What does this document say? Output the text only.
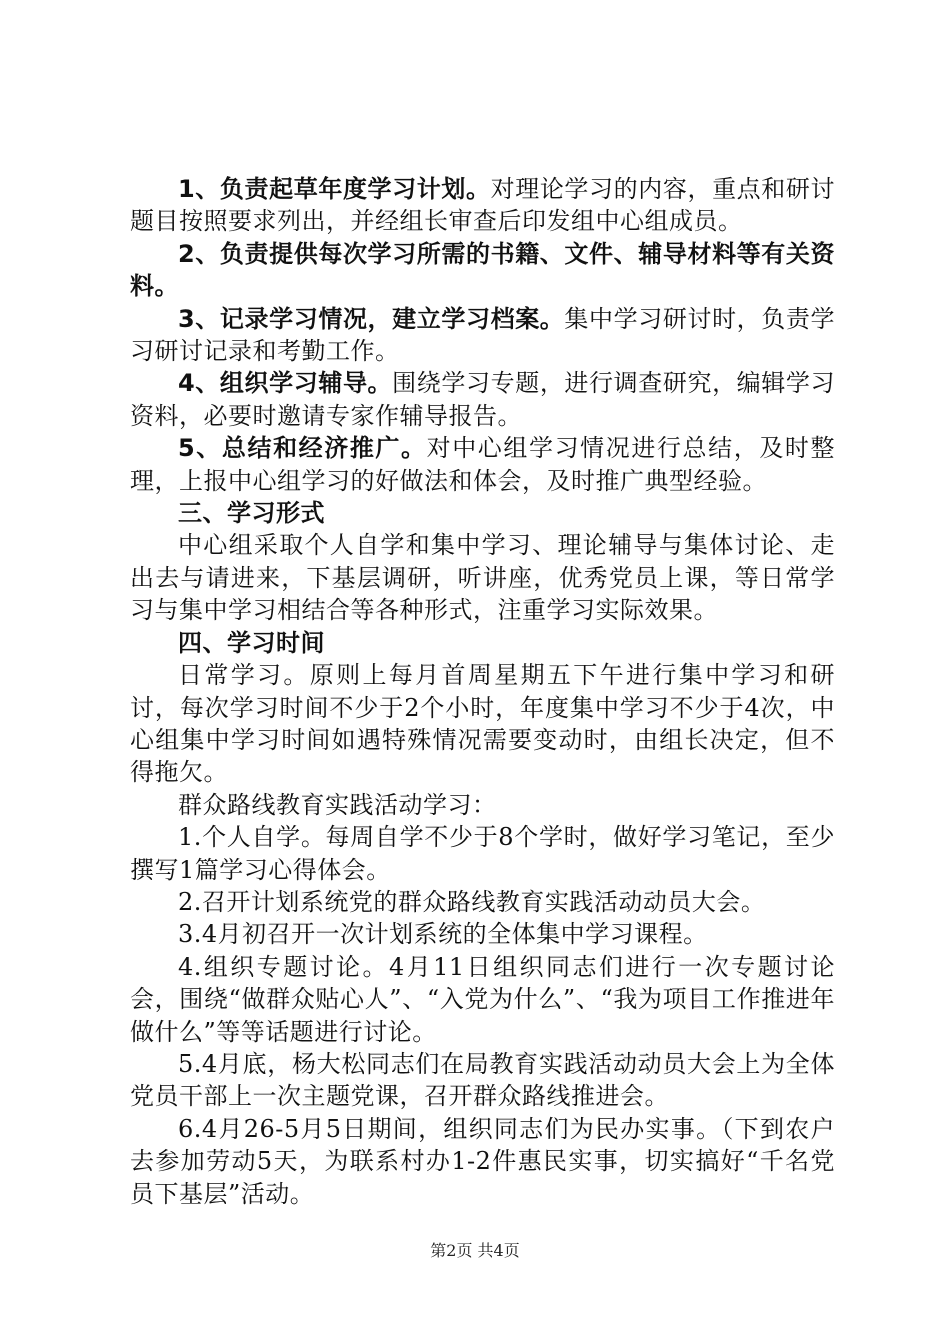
1、负责起草年度学习计划。对理论学习的内容，重点和研讨题目按照要求列出，并经组长审查后印发组中心组成员。

2、负责提供每次学习所需的书籍、文件、辅导材料等有关资料。

3、记录学习情况，建立学习档案。集中学习研讨时，负责学习研讨记录和考勤工作。

4、组织学习辅导。围绕学习专题，进行调查研究，编辑学习资料，必要时邀请专家作辅导报告。

5、总结和经济推广。对中心组学习情况进行总结，及时整理，上报中心组学习的好做法和体会，及时推广典型经验。

三、学习形式

中心组采取个人自学和集中学习、理论辅导与集体讨论、走出去与请进来，下基层调研，听讲座，优秀党员上课，等日常学习与集中学习相结合等各种形式，注重学习实际效果。

四、学习时间

日常学习。原则上每月首周星期五下午进行集中学习和研讨，每次学习时间不少于2个小时，年度集中学习不少于4次，中心组集中学习时间如遇特殊情况需要变动时，由组长决定，但不得拖欠。

群众路线教育实践活动学习：

1.个人自学。每周自学不少于8个学时，做好学习笔记，至少撰写1篇学习心得体会。

2.召开计划系统党的群众路线教育实践活动动员大会。

3.4月初召开一次计划系统的全体集中学习课程。

4.组织专题讨论。4月11日组织同志们进行一次专题讨论会，围绕“做群众贴心人”、“入党为什么”、“我为项目工作推进年做什么”等等话题进行讨论。

5.4月底，杨大松同志们在局教育实践活动动员大会上为全体党员干部上一次主题党课，召开群众路线推进会。

6.4月26-5月5日期间，组织同志们为民办实事。（下到农户去参加劳动5天，为联系村办1-2件惠民实事，切实搞好“千名党员下基层”活动。

第2页 共4页
